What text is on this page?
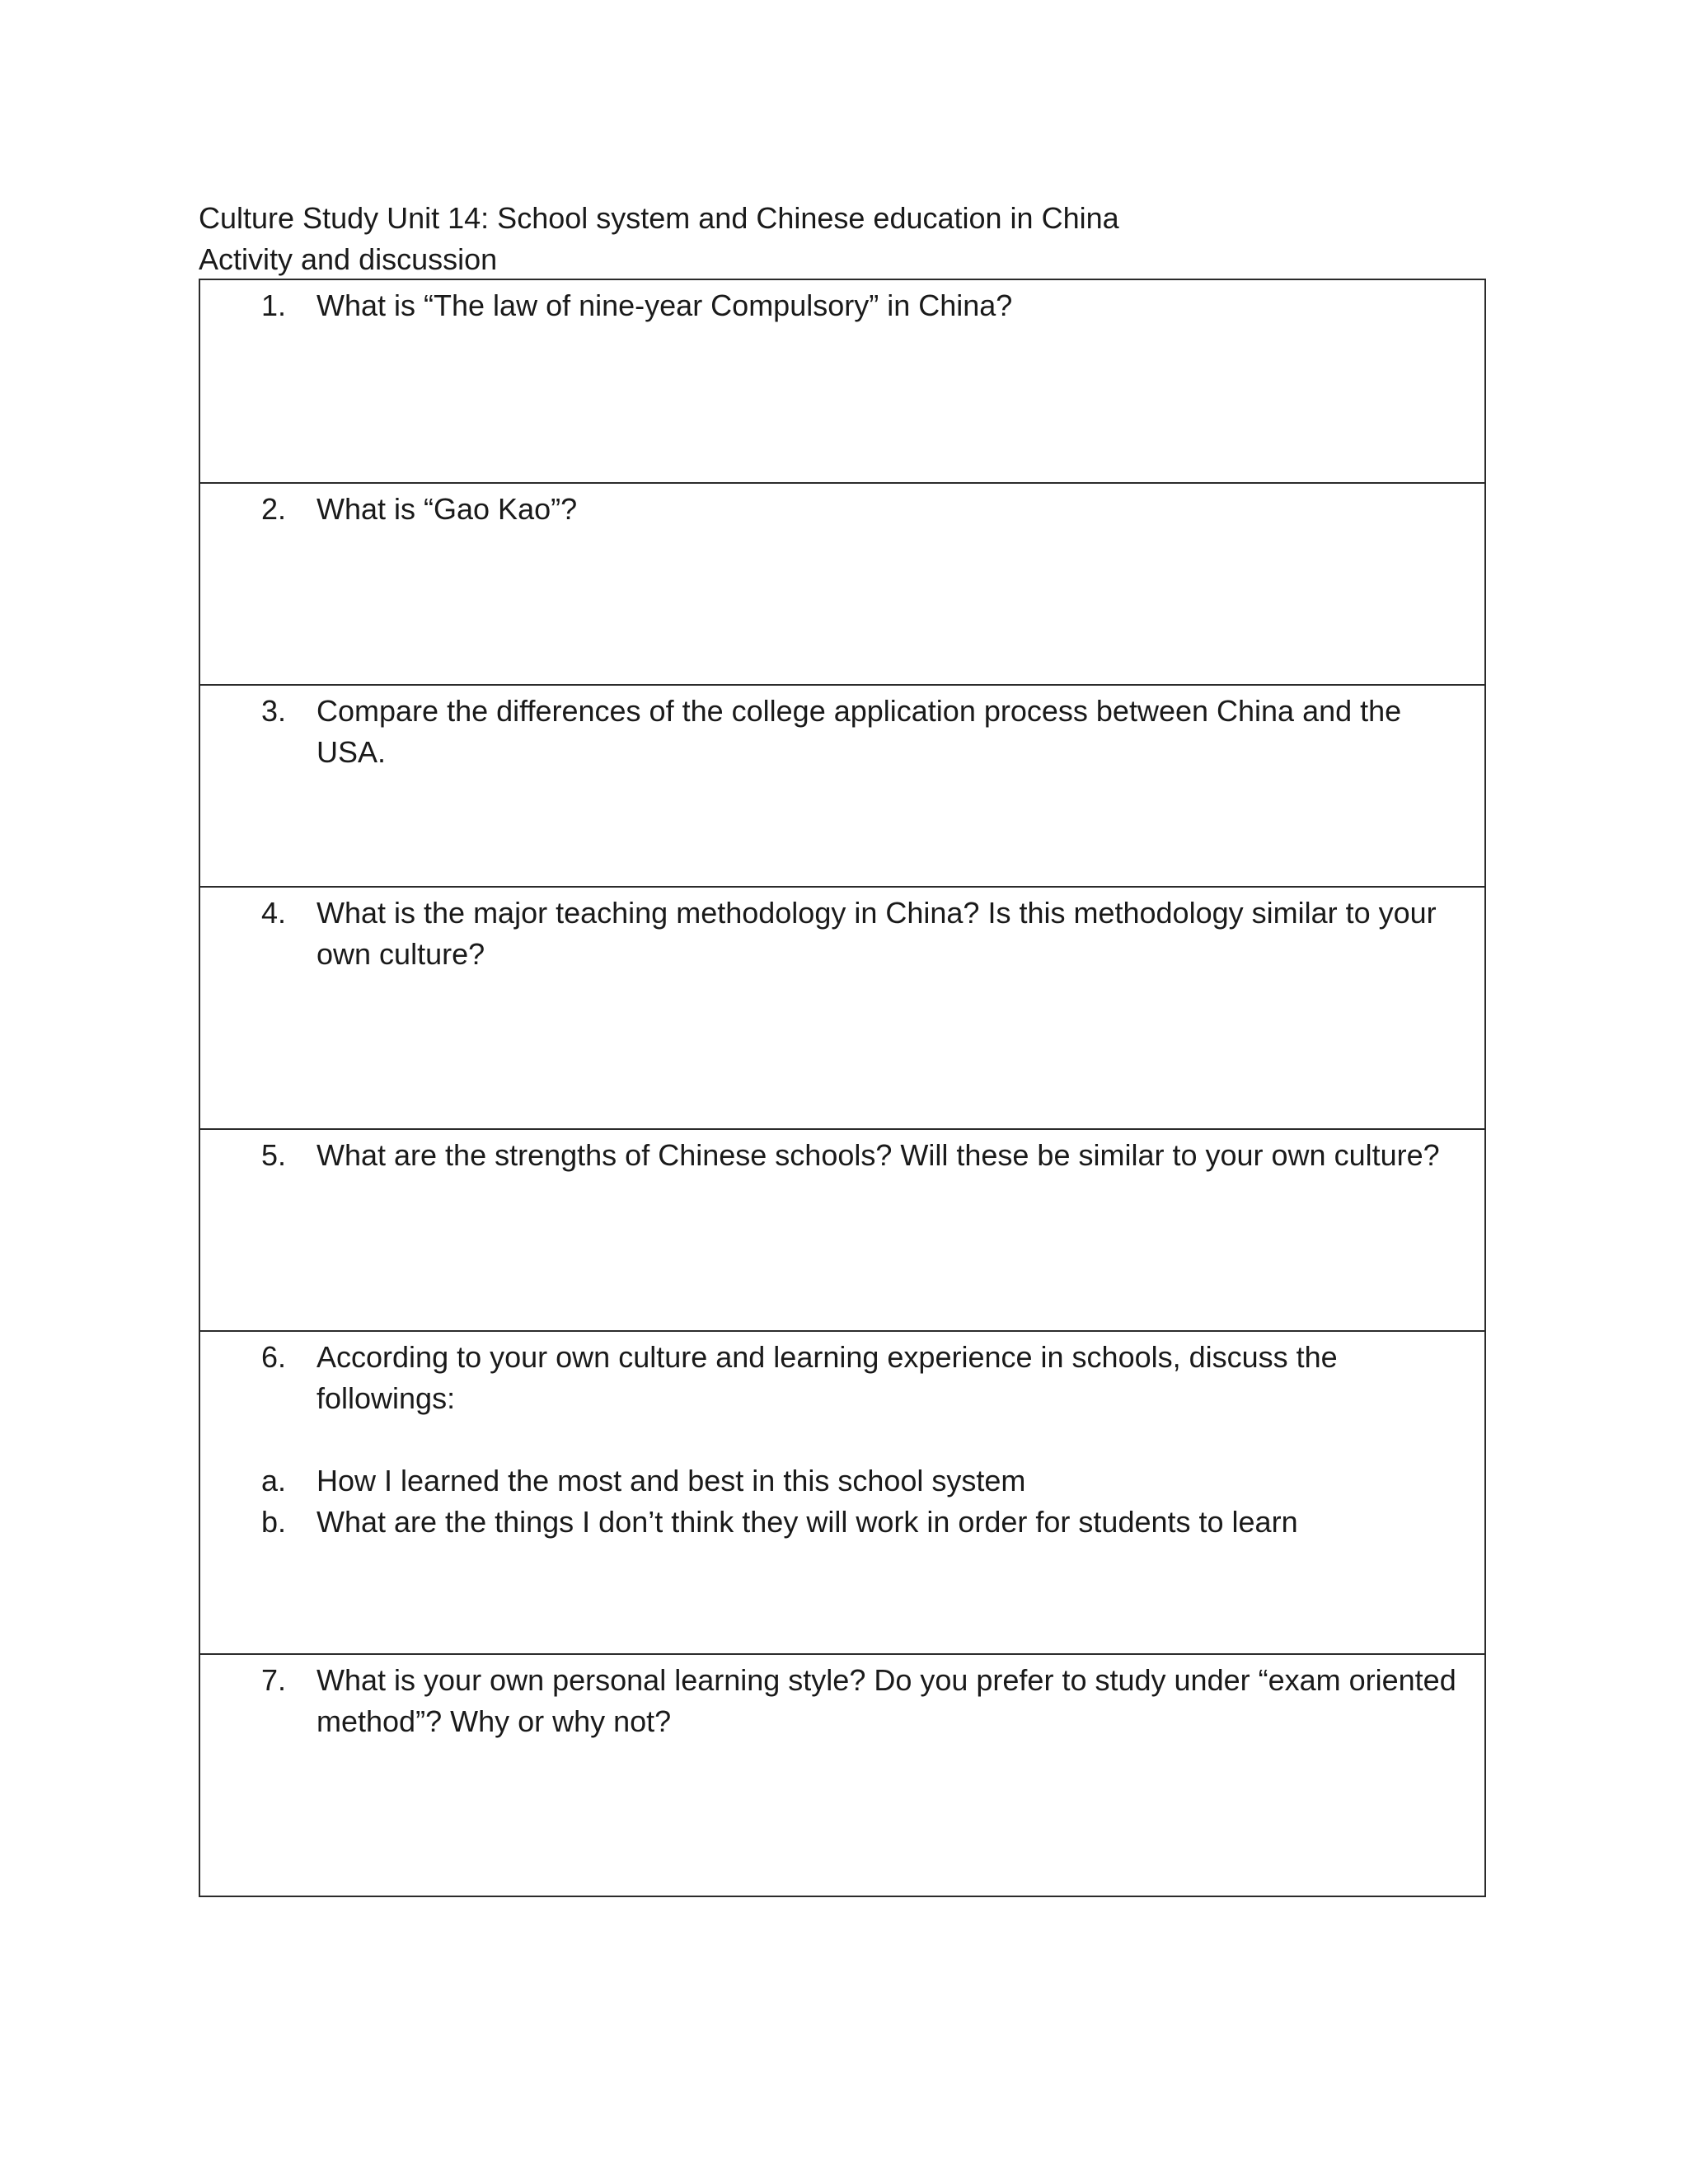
Culture Study Unit 14: School system and Chinese education in China
Activity and discussion
1.	What is “The law of nine-year Compulsory” in China?
2.	What is “Gao Kao”?
3.	Compare the differences of the college application process between China and the USA.
4.	What is the major teaching methodology in China? Is this methodology similar to your own culture?
5.	What are the strengths of Chinese schools? Will these be similar to your own culture?
6.	According to your own culture and learning experience in schools, discuss the followings:
a.	How I learned the most and best in this school system
b.	What are the things I don’t think they will work in order for students to learn
7.	What is your own personal learning style? Do you prefer to study under “exam oriented method”? Why or why not?
